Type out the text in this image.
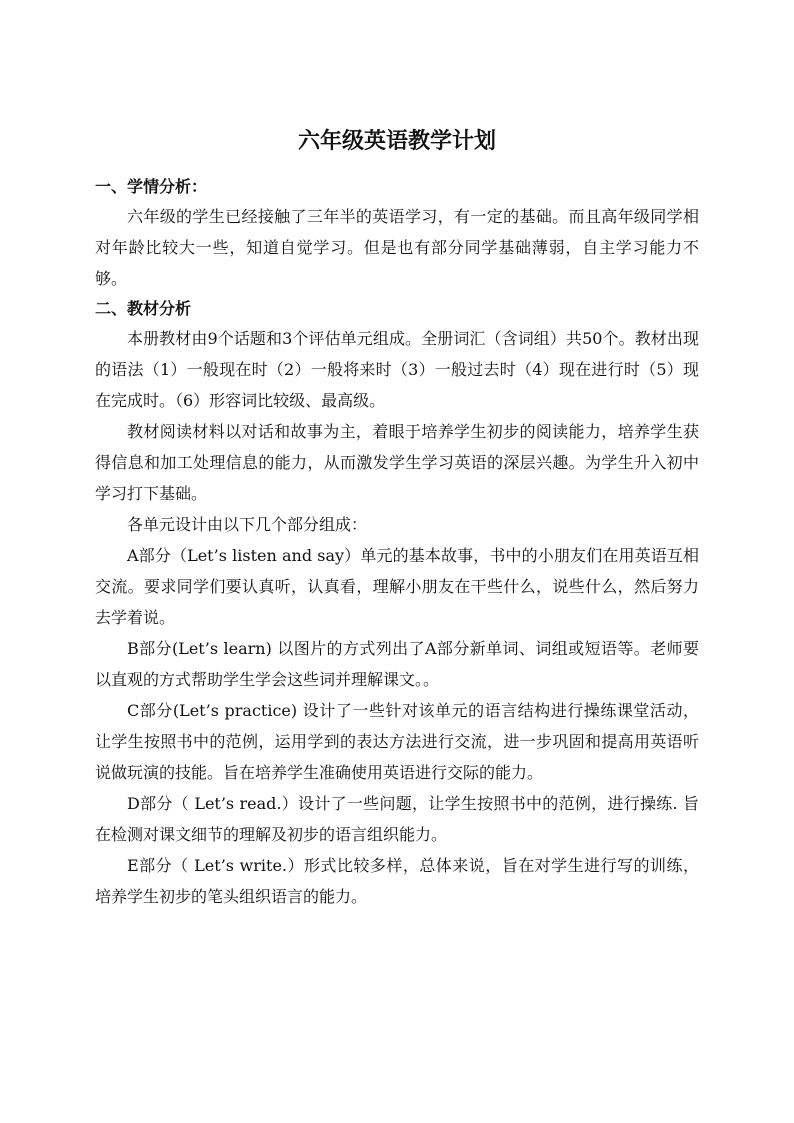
六年级英语教学计划

一、学情分析：

六年级的学生已经接触了三年半的英语学习，有一定的基础。而且高年级同学相对年龄比较大一些，知道自觉学习。但是也有部分同学基础薄弱，自主学习能力不够。

二、教材分析

本册教材由9个话题和3个评估单元组成。全册词汇（含词组）共50个。教材出现的语法（1）一般现在时（2）一般将来时（3）一般过去时（4）现在进行时（5）现在完成时。（6）形容词比较级、最高级。

教材阅读材料以对话和故事为主，着眼于培养学生初步的阅读能力，培养学生获得信息和加工处理信息的能力，从而激发学生学习英语的深层兴趣。为学生升入初中学习打下基础。

各单元设计由以下几个部分组成：

A部分（Let’s listen and say）单元的基本故事，书中的小朋友们在用英语互相交流。要求同学们要认真听，认真看，理解小朋友在干些什么，说些什么，然后努力去学着说。

B部分(Let’s learn) 以图片的方式列出了A部分新单词、词组或短语等。老师要以直观的方式帮助学生学会这些词并理解课文。。

C部分(Let’s practice) 设计了一些针对该单元的语言结构进行操练课堂活动，让学生按照书中的范例，运用学到的表达方法进行交流，进一步巩固和提高用英语听说做玩演的技能。旨在培养学生准确使用英语进行交际的能力。

D部分（ Let’s read.）设计了一些问题，让学生按照书中的范例，进行操练. 旨在检测对课文细节的理解及初步的语言组织能力。

E部分（ Let’s write.）形式比较多样，总体来说，旨在对学生进行写的训练，培养学生初步的笔头组织语言的能力。
